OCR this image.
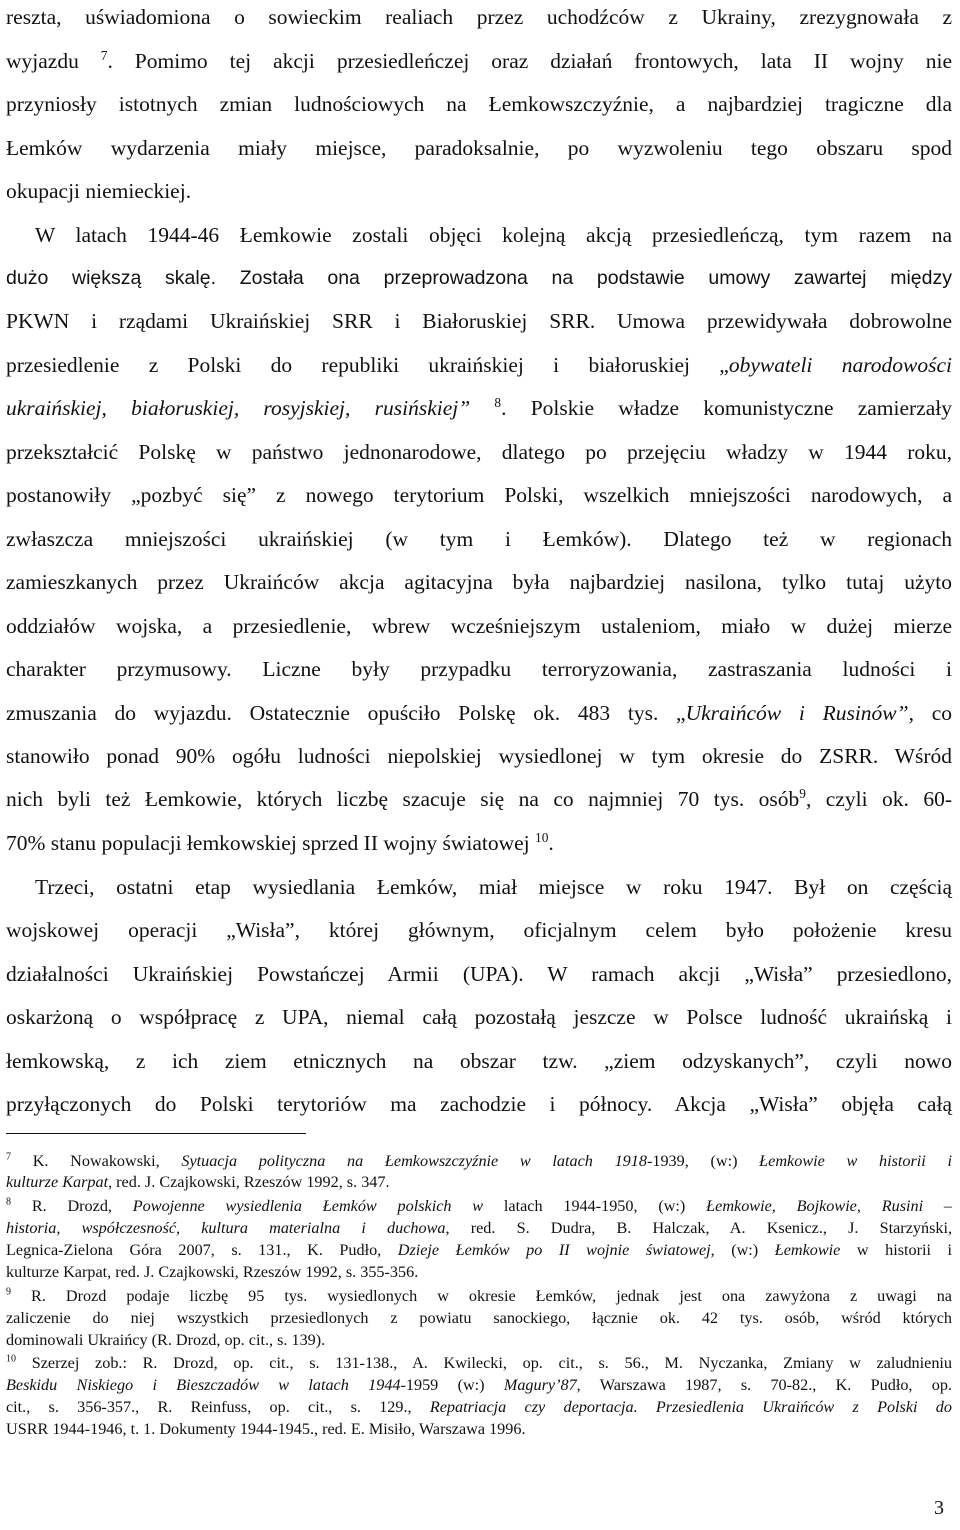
reszta, uświadomiona o sowieckim realiach przez uchodźców z Ukrainy, zrezygnowała z
wyjazdu $^7$. Pomimo tej akcji przesiedleńczej oraz działań frontowych, lata II wojny nie
przyniosły istotnych zmian ludnościowych na Łemkowszczyźnie, a najbardziej tragiczne dla
Łemków wydarzenia miały miejsce, paradoksalnie, po wyzwoleniu tego obszaru spod
okupacji niemieckiej.
W latach 1944-46 Łemkowie zostali objęci kolejną akcją przesiedleńczą, tym razem na
dużo większą skalę. Została ona przeprowadzona na podstawie umowy zawartej między
PKWN i rządami Ukraińskiej SRR i Białoruskiej SRR. Umowa przewidywała dobrowolne
przesiedlenie z Polski do republiki ukraińskiej i białoruskiej „obywateli narodowości
ukraińskiej, białoruskiej, rosyjskiej, rusińskiej” $^8$. Polskie władze komunistyczne zamierzały
przekształcić Polskę w państwo jednonarodowe, dlatego po przejęciu władzy w 1944 roku,
postanowiły „pozbyć się” z nowego terytorium Polski, wszelkich mniejszości narodowych, a
zwłaszcza mniejszości ukraińskiej (w tym i Łemków). Dlatego też w regionach
zamieszkanych przez Ukraińców akcja agitacyjna była najbardziej nasilona, tylko tutaj użyto
oddziałów wojska, a przesiedlenie, wbrew wcześniejszym ustaleniom, miało w dużej mierze
charakter przymusowy. Liczne były przypadku terroryzowania, zastraszania ludności i
zmuszania do wyjazdu. Ostatecznie opuściło Polskę ok. 483 tys. „Ukraińców i Rusinów”, co
stanowiło ponad 90% ogółu ludności niepolskiej wysiedlonej w tym okresie do ZSRR. Wśród
nich byli też Łemkowie, których liczbę szacuje się na co najmniej 70 tys. osób$^9$, czyli ok. 60-
70% stanu populacji łemkowskiej sprzed II wojny światowej $^{10}$.
Trzeci, ostatni etap wysiedlania Łemków, miał miejsce w roku 1947. Był on częścią
wojskowej operacji „Wisła”, której głównym, oficjalnym celem było położenie kresu
działalności Ukraińskiej Powstańczej Armii (UPA). W ramach akcji „Wisła” przesiedlono,
oskarżoną o współpracę z UPA, niemal całą pozostałą jeszcze w Polsce ludność ukraińską i
łemkowską, z ich ziem etnicznych na obszar tzw. „ziem odzyskanych”, czyli nowo
przyłączonych do Polski terytoriów ma zachodzie i północy. Akcja „Wisła” objęła całą
$^7$ K. Nowakowski, Sytuacja polityczna na Łemkowszczyźnie w latach 1918-1939, (w:) Łemkowie w historii i
kulturze Karpat, red. J. Czajkowski, Rzeszów 1992, s. 347.
$^8$ R. Drozd, Powojenne wysiedlenia Łemków polskich w latach 1944-1950, (w:) Łemkowie, Bojkowie, Rusini –
historia, współczesność, kultura materialna i duchowa, red. S. Dudra, B. Halczak, A. Ksenicz., J. Starzyński,
Legnica-Zielona Góra 2007, s. 131., K. Pudło, Dzieje Łemków po II wojnie światowej, (w:) Łemkowie w historii i
kulturze Karpat, red. J. Czajkowski, Rzeszów 1992, s. 355-356.
$^9$ R. Drozd podaje liczbę 95 tys. wysiedlonych w okresie Łemków, jednak jest ona zawyżona z uwagi na
zaliczenie do niej wszystkich przesiedlonych z powiatu sanockiego, łącznie ok. 42 tys. osób, wśród których
dominowali Ukraińcy (R. Drozd, op. cit., s. 139).
$^{10}$ Szerzej zob.: R. Drozd, op. cit., s. 131-138., A. Kwilecki, op. cit., s. 56., M. Nyczanka, Zmiany w zaludnieniu
Beskidu Niskiego i Bieszczadów w latach 1944-1959 (w:) Magury’87, Warszawa 1987, s. 70-82., K. Pudło, op.
cit., s. 356-357., R. Reinfuss, op. cit., s. 129., Repatriacja czy deportacja. Przesiedlenia Ukraińców z Polski do
USRR 1944-1946, t. 1. Dokumenty 1944-1945., red. E. Misiło, Warszawa 1996.
3
